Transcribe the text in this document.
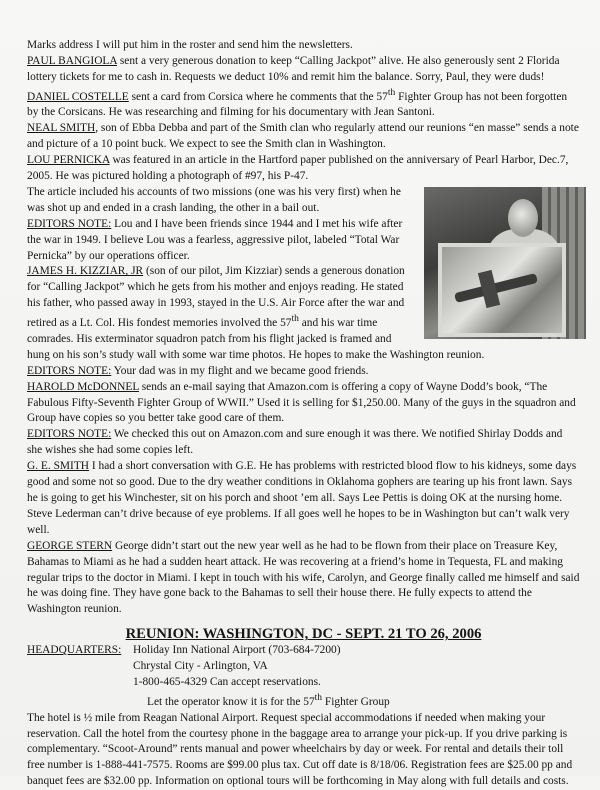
Marks address I will put him in the roster and send him the newsletters.

PAUL BANGIOLA sent a very generous donation to keep “Calling Jackpot” alive. He also generously sent 2 Florida lottery tickets for me to cash in. Requests we deduct 10% and remit him the balance. Sorry, Paul, they were duds!

DANIEL COSTELLE sent a card from Corsica where he comments that the 57th Fighter Group has not been forgotten by the Corsicans. He was researching and filming for his documentary with Jean Santoni.

NEAL SMITH, son of Ebba Debba and part of the Smith clan who regularly attend our reunions “en masse” sends a note and picture of a 10 point buck. We expect to see the Smith clan in Washington.

LOU PERNICKA was featured in an article in the Hartford paper published on the anniversary of Pearl Harbor, Dec.7, 2005. He was pictured holding a photograph of #97, his P-47.

The article included his accounts of two missions (one was his very first) when he was shot up and ended in a crash landing, the other in a bail out.

EDITORS NOTE: Lou and I have been friends since 1944 and I met his wife after the war in 1949. I believe Lou was a fearless, aggressive pilot, labeled “Total War Pernicka” by our operations officer.

JAMES H. KIZZIAR, JR (son of our pilot, Jim Kizziar) sends a generous donation for “Calling Jackpot” which he gets from his mother and enjoys reading. He stated his father, who passed away in 1993, stayed in the U.S. Air Force after the war and retired as a Lt. Col. His fondest memories involved the 57th and his war time comrades. His exterminator squadron patch from his flight jacked is framed and hung on his son’s study wall with some war time photos. He hopes to make the Washington reunion.

EDITORS NOTE: Your dad was in my flight and we became good friends.

HAROLD McDONNEL sends an e-mail saying that Amazon.com is offering a copy of Wayne Dodd’s book, “The Fabulous Fifty-Seventh Fighter Group of WWII.” Used it is selling for $1,250.00. Many of the guys in the squadron and Group have copies so you better take good care of them.

EDITORS NOTE: We checked this out on Amazon.com and sure enough it was there. We notified Shirlay Dodds and she wishes she had some copies left.

G. E. SMITH I had a short conversation with G.E. He has problems with restricted blood flow to his kidneys, some days good and some not so good. Due to the dry weather conditions in Oklahoma gophers are tearing up his front lawn. Says he is going to get his Winchester, sit on his porch and shoot ’em all. Says Lee Pettis is doing OK at the nursing home. Steve Lederman can’t drive because of eye problems. If all goes well he hopes to be in Washington but can’t walk very well.

GEORGE STERN George didn’t start out the new year well as he had to be flown from their place on Treasure Key, Bahamas to Miami as he had a sudden heart attack. He was recovering at a friend’s home in Tequesta, FL and making regular trips to the doctor in Miami. I kept in touch with his wife, Carolyn, and George finally called me himself and said he was doing fine. They have gone back to the Bahamas to sell their house there. He fully expects to attend the Washington reunion.

REUNION: WASHINGTON, DC - SEPT. 21 TO 26, 2006
HEADQUARTERS:	Holiday Inn National Airport (703-684-7200)

Chrystal City - Arlington, VA

1-800-465-4329 Can accept reservations.

Let the operator know it is for the 57th Fighter Group

The hotel is ½ mile from Reagan National Airport. Request special accommodations if needed when making your reservation. Call the hotel from the courtesy phone in the baggage area to arrange your pick-up. If you drive parking is complementary. “Scoot-Around” rents manual and power wheelchairs by day or week. For rental and details their toll free number is 1-888-441-7575. Rooms are $99.00 plus tax. Cut off date is 8/18/06. Registration fees are $25.00 pp and banquet fees are $32.00 pp. Information on optional tours will be forthcoming in May along with full details and costs.
